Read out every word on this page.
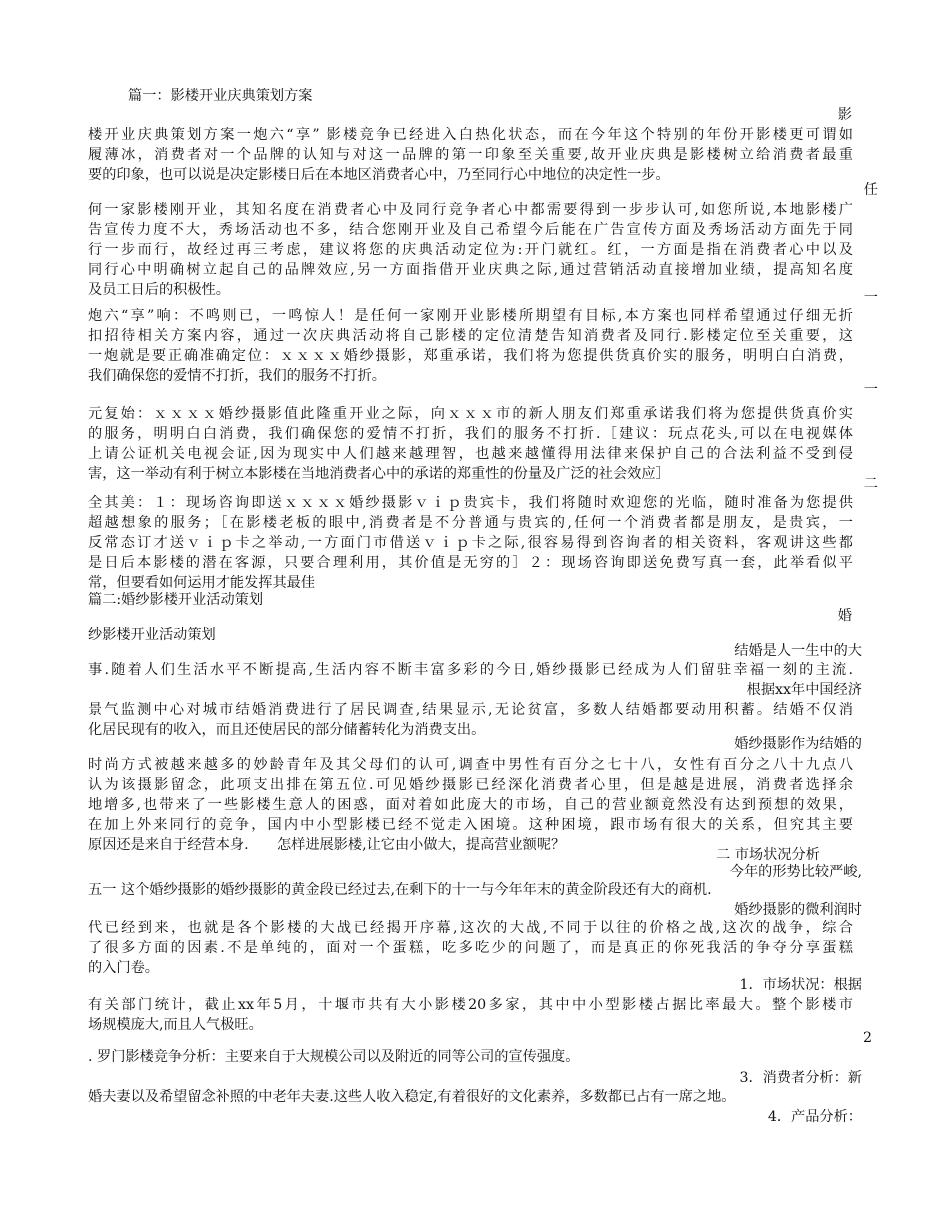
篇一：影楼开业庆典策划方案
影
楼开业庆典策划方案一炮六“享” 影楼竞争已经进入白热化状态，而在今年这个特别的年份开影楼更可谓如
履薄冰，消费者对一个品牌的认知与对这一品牌的第一印象至关重要,故开业庆典是影楼树立给消费者最重
要的印象，也可以说是决定影楼日后在本地区消费者心中，乃至同行心中地位的决定性一步。
任
何一家影楼刚开业，其知名度在消费者心中及同行竞争者心中都需要得到一步步认可,如您所说,本地影楼广
告宣传力度不大，秀场活动也不多，结合您刚开业及自己希望今后能在广告宣传方面及秀场活动方面先于同
行一步而行，故经过再三考虑，建议将您的庆典活动定位为:开门就红。红，一方面是指在消费者心中以及
同行心中明确树立起自己的品牌效应,另一方面指借开业庆典之际,通过营销活动直接增加业绩，提高知名度
及员工日后的积极性。	一
炮六“享”响：不鸣则已，一鸣惊人！是任何一家刚开业影楼所期望有目标,本方案也同样希望通过仔细无折
扣招待相关方案内容，通过一次庆典活动将自己影楼的定位清楚告知消费者及同行.影楼定位至关重要，这
一炮就是要正确准确定位：ｘｘｘｘ婚纱摄影，郑重承诺，我们将为您提供货真价实的服务，明明白白消费，
我们确保您的爱情不打折，我们的服务不打折。
一
元复始：ｘｘｘｘ婚纱摄影值此隆重开业之际，向ｘｘｘ市的新人朋友们郑重承诺我们将为您提供货真价实
的服务，明明白白消费，我们确保您的爱情不打折，我们的服务不打折.［建议：玩点花头,可以在电视媒体
上请公证机关电视会证,因为现实中人们越来越理智，也越来越懂得用法律来保护自己的合法利益不受到侵
害，这一举动有利于树立本影楼在当地消费者心中的承诺的郑重性的份量及广泛的社会效应］
二
全其美：１：现场咨询即送ｘｘｘｘ婚纱摄影ｖｉｐ贵宾卡，我们将随时欢迎您的光临，随时准备为您提供
超越想象的服务；［在影楼老板的眼中,消费者是不分普通与贵宾的,任何一个消费者都是朋友，是贵宾，一
反常态订才送ｖｉｐ卡之举动,一方面门市借送ｖｉｐ卡之际,很容易得到咨询者的相关资料，客观讲这些都
是日后本影楼的潜在客源，只要合理利用，其价值是无穷的］２：现场咨询即送免费写真一套，此举看似平
常，但要看如何运用才能发挥其最佳
篇二:婚纱影楼开业活动策划
婚
纱影楼开业活动策划
结婚是人一生中的大
事.随着人们生活水平不断提高,生活内容不断丰富多彩的今日,婚纱摄影已经成为人们留驻幸福一刻的主流.
根据xx年中国经济
景气监测中心对城市结婚消费进行了居民调查,结果显示,无论贫富，多数人结婚都要动用积蓄。结婚不仅消
化居民现有的收入，而且还使居民的部分储蓄转化为消费支出。
婚纱摄影作为结婚的
时尚方式被越来越多的妙龄青年及其父母们的认可,调查中男性有百分之七十八，女性有百分之八十九点八
认为该摄影留念，此项支出排在第五位.可见婚纱摄影已经深化消费者心里，但是越是进展，消费者选择余
地增多,也带来了一些影楼生意人的困惑，面对着如此庞大的市场，自己的营业额竟然没有达到预想的效果，
在加上外来同行的竞争，国内中小型影楼已经不觉走入困境。这种困境，跟市场有很大的关系，但究其主要
原因还是来自于经营本身.　　怎样进展影楼,让它由小做大，提高营业额呢？
二 市场状况分析
今年的形势比较严峻,
五一 这个婚纱摄影的婚纱摄影的黄金段已经过去,在剩下的十一与今年年末的黄金阶段还有大的商机.
婚纱摄影的微利润时
代已经到来，也就是各个影楼的大战已经揭开序幕,这次的大战,不同于以往的价格之战,这次的战争，综合
了很多方面的因素.不是单纯的，面对一个蛋糕，吃多吃少的问题了，而是真正的你死我活的争夺分享蛋糕
的入门卷。
1．市场状况：根据
有关部门统计，截止xx年5月，十堰市共有大小影楼20多家，其中中小型影楼占据比率最大。整个影楼市
场规模庞大,而且人气极旺。
2
. 罗门影楼竞争分析：主要来自于大规模公司以及附近的同等公司的宣传强度。
3．消费者分析：新
婚夫妻以及希望留念补照的中老年夫妻.这些人收入稳定,有着很好的文化素养，多数都已占有一席之地。
4．产品分析：
